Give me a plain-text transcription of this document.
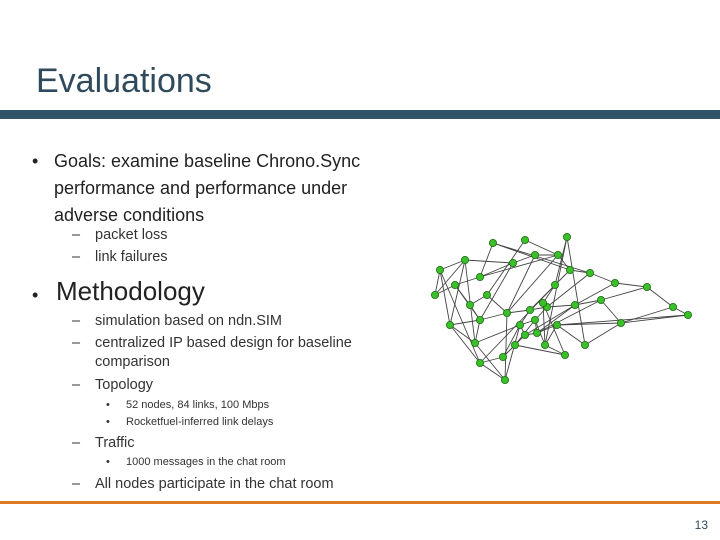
Evaluations
• Goals: examine baseline Chrono.Sync
performance and performance under
adverse conditions
– packet loss
– link failures
• Methodology
– simulation based on ndn.SIM
– centralized IP based design for baseline
comparison
– Topology
• 52 nodes, 84 links, 100 Mbps
• Rocketfuel-inferred link delays
– Traffic
• 1000 messages in the chat room
– All nodes participate in the chat room
13
